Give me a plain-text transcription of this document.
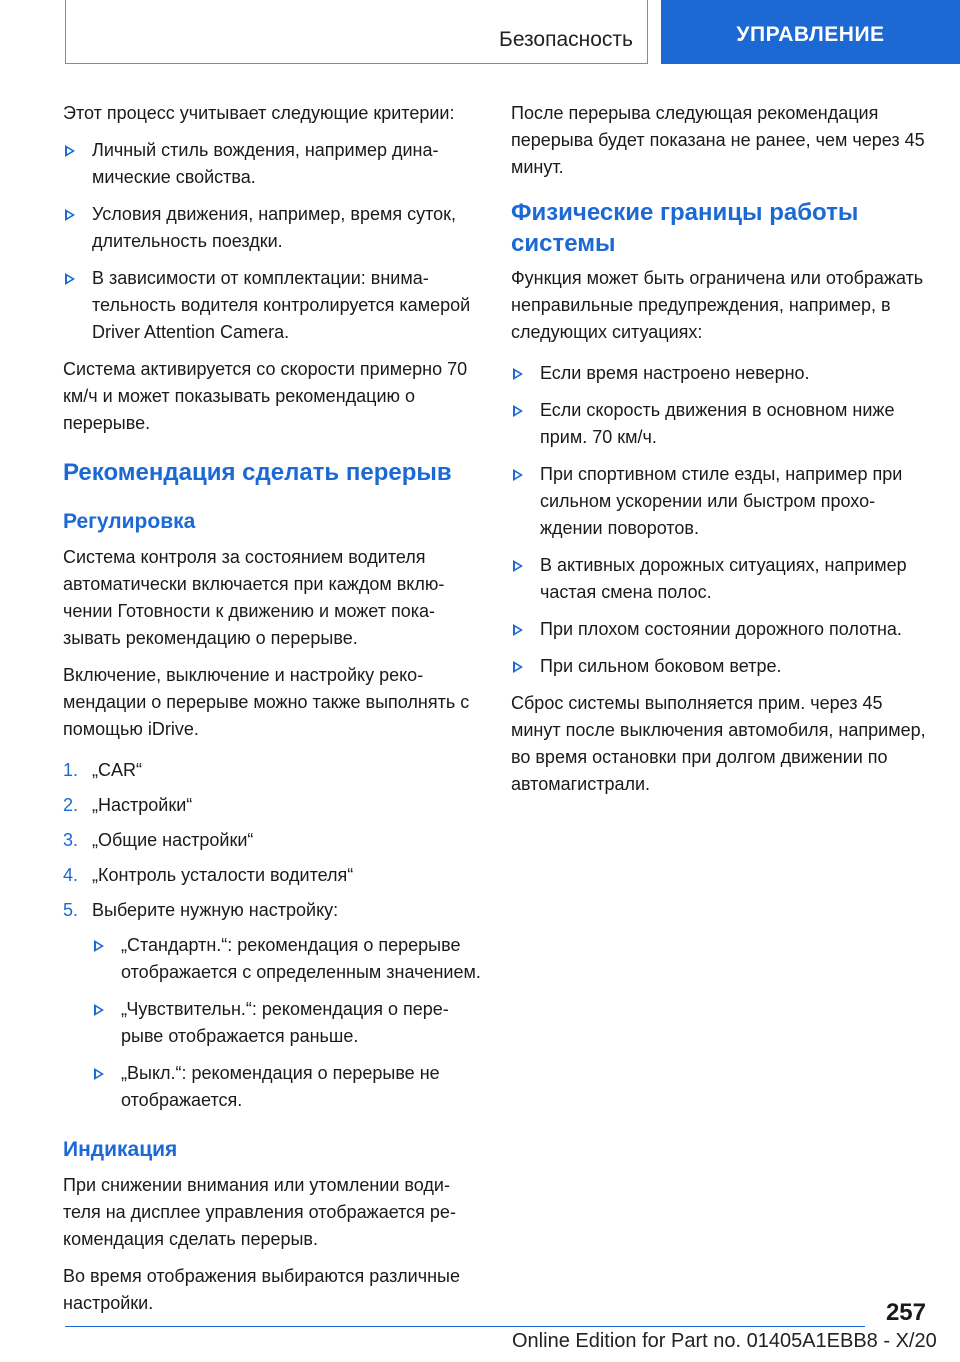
Безопасность	УПРАВЛЕНИЕ

Этот процесс учитывает следующие критерии:

Личный стиль вождения, например динамические свойства.
Условия движения, например, время суток, длительность поездки.
В зависимости от комплектации: внимательность водителя контролируется камерой Driver Attention Camera.

Система активируется со скорости примерно 70 км/ч и может показывать рекомендацию о перерыве.

Рекомендация сделать перерыв
Регулировка

Система контроля за состоянием водителя автоматически включается при каждом включении Готовности к движению и может показывать рекомендацию о перерыве.

Включение, выключение и настройку рекомендации о перерыве можно также выполнять с помощью iDrive.

1. „CAR“
2. „Настройки“
3. „Общие настройки“
4. „Контроль усталости водителя“
5. Выберите нужную настройку:
„Стандартн.“: рекомендация о перерыве отображается с определенным значением.
„Чувствительн.“: рекомендация о перерыве отображается раньше.
„Выкл.“: рекомендация о перерыве не отображается.
Индикация

При снижении внимания или утомлении водителя на дисплее управления отображается рекомендация сделать перерыв.

Во время отображения выбираются различные настройки.

После перерыва следующая рекомендация перерыва будет показана не ранее, чем через 45 минут.

Физические границы работы системы

Функция может быть ограничена или отображать неправильные предупреждения, например, в следующих ситуациях:

Если время настроено неверно.
Если скорость движения в основном ниже прим. 70 км/ч.
При спортивном стиле езды, например при сильном ускорении или быстром прохождении поворотов.
В активных дорожных ситуациях, например частая смена полос.
При плохом состоянии дорожного полотна.
При сильном боковом ветре.

Сброс системы выполняется прим. через 45 минут после выключения автомобиля, например, во время остановки при долгом движении по автомагистрали.

257
Online Edition for Part no. 01405A1EBB8 - X/20
